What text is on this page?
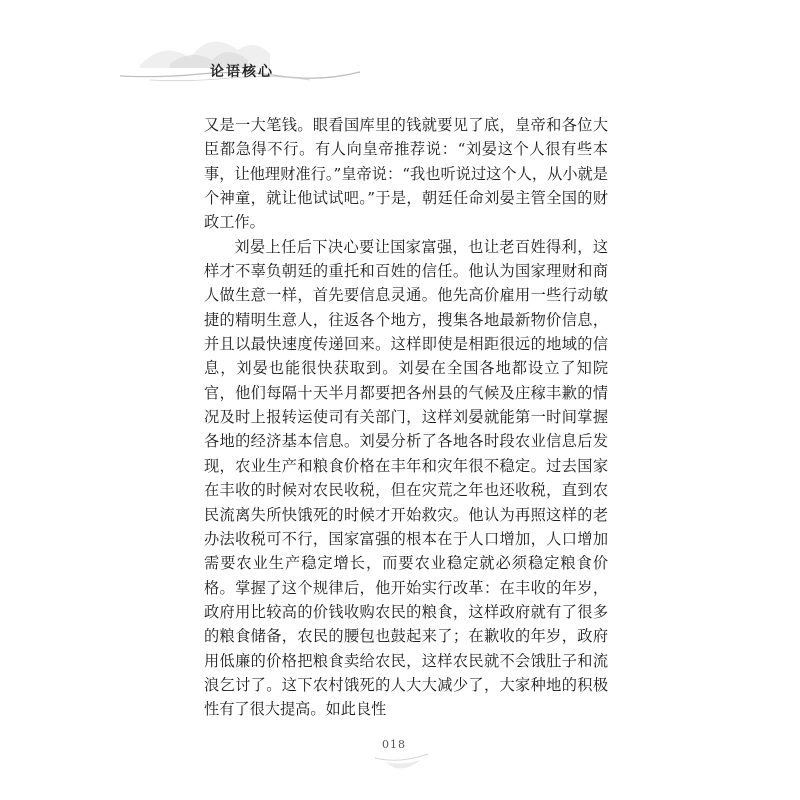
论语核心

又是一大笔钱。眼看国库里的钱就要见了底，皇帝和各位大臣都急得不行。有人向皇帝推荐说：“刘晏这个人很有些本事，让他理财准行。”皇帝说：“我也听说过这个人，从小就是个神童，就让他试试吧。”于是，朝廷任命刘晏主管全国的财政工作。

刘晏上任后下决心要让国家富强，也让老百姓得利，这样才不辜负朝廷的重托和百姓的信任。他认为国家理财和商人做生意一样，首先要信息灵通。他先高价雇用一些行动敏捷的精明生意人，往返各个地方，搜集各地最新物价信息，并且以最快速度传递回来。这样即使是相距很远的地域的信息，刘晏也能很快获取到。刘晏在全国各地都设立了知院官，他们每隔十天半月都要把各州县的气候及庄稼丰歉的情况及时上报转运使司有关部门，这样刘晏就能第一时间掌握各地的经济基本信息。刘晏分析了各地各时段农业信息后发现，农业生产和粮食价格在丰年和灾年很不稳定。过去国家在丰收的时候对农民收税，但在灾荒之年也还收税，直到农民流离失所快饿死的时候才开始救灾。他认为再照这样的老办法收税可不行，国家富强的根本在于人口增加，人口增加需要农业生产稳定增长，而要农业稳定就必须稳定粮食价格。掌握了这个规律后，他开始实行改革：在丰收的年岁，政府用比较高的价钱收购农民的粮食，这样政府就有了很多的粮食储备，农民的腰包也鼓起来了；在歉收的年岁，政府用低廉的价格把粮食卖给农民，这样农民就不会饿肚子和流浪乞讨了。这下农村饿死的人大大减少了，大家种地的积极性有了很大提高。如此良性

018
